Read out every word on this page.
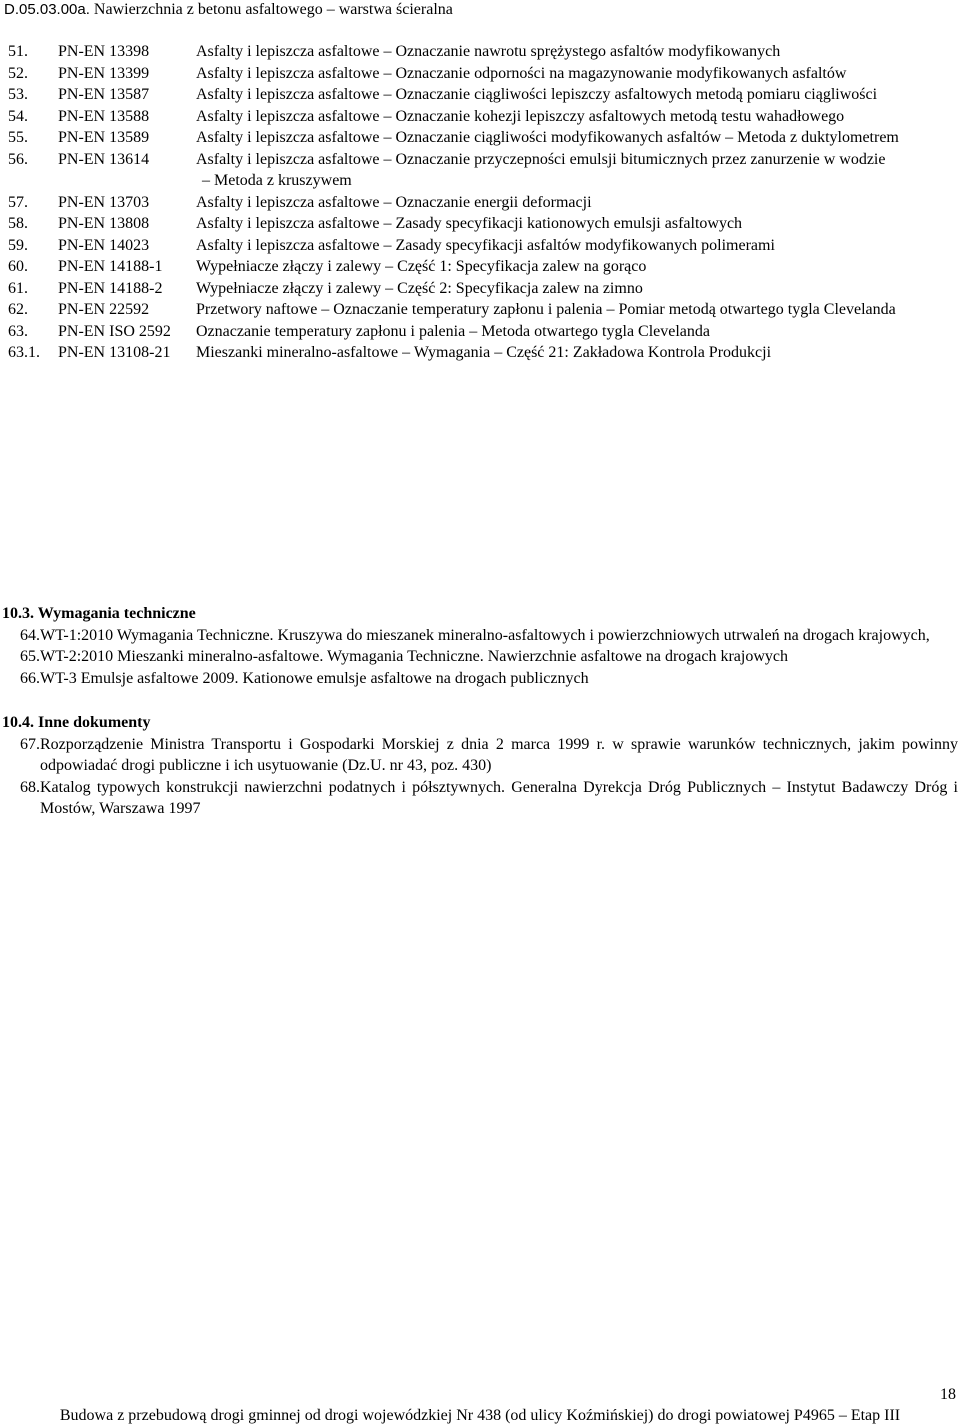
D.05.03.00a. Nawierzchnia z betonu asfaltowego – warstwa ścieralna
51.	PN-EN 13398	Asfalty i lepiszcza asfaltowe – Oznaczanie nawrotu sprężystego asfaltów modyfikowanych
52.	PN-EN 13399	Asfalty i lepiszcza asfaltowe – Oznaczanie odporności na magazynowanie modyfikowanych asfaltów
53.	PN-EN 13587	Asfalty i lepiszcza asfaltowe – Oznaczanie ciągliwości lepiszczy asfaltowych metodą pomiaru ciągliwości
54.	PN-EN 13588	Asfalty i lepiszcza asfaltowe – Oznaczanie kohezji lepiszczy asfaltowych metodą testu wahadłowego
55.	PN-EN 13589	Asfalty i lepiszcza asfaltowe – Oznaczanie ciągliwości modyfikowanych asfaltów – Metoda z duktylometrem
56.	PN-EN 13614	Asfalty i lepiszcza asfaltowe – Oznaczanie przyczepności emulsji bitumicznych przez zanurzenie w wodzie
– Metoda z kruszywem
57.	PN-EN 13703	Asfalty i lepiszcza asfaltowe – Oznaczanie energii deformacji
58.	PN-EN 13808	Asfalty i lepiszcza asfaltowe – Zasady specyfikacji kationowych emulsji asfaltowych
59.	PN-EN 14023	Asfalty i lepiszcza asfaltowe – Zasady specyfikacji asfaltów modyfikowanych polimerami
60.	PN-EN 14188-1	Wypełniacze złączy i zalewy – Część 1: Specyfikacja zalew na gorąco
61.	PN-EN 14188-2	Wypełniacze złączy i zalewy – Część 2: Specyfikacja zalew na zimno
62.	PN-EN 22592	Przetwory naftowe – Oznaczanie temperatury zapłonu i palenia – Pomiar metodą otwartego tygla Clevelanda
63.	PN-EN ISO 2592	Oznaczanie temperatury zapłonu i palenia – Metoda otwartego tygla Clevelanda
63.1.	PN-EN 13108-21	Mieszanki mineralno-asfaltowe – Wymagania – Część 21: Zakładowa Kontrola Produkcji
10.3. Wymagania techniczne
64. WT-1:2010 Wymagania Techniczne. Kruszywa do mieszanek mineralno-asfaltowych i powierzchniowych utrwaleń na drogach krajowych,
65. WT-2:2010 Mieszanki mineralno-asfaltowe. Wymagania Techniczne. Nawierzchnie asfaltowe na drogach krajowych
66. WT-3 Emulsje asfaltowe 2009. Kationowe emulsje asfaltowe na drogach publicznych
10.4. Inne dokumenty
67. Rozporządzenie Ministra Transportu i Gospodarki Morskiej z dnia 2 marca 1999 r. w sprawie warunków technicznych, jakim powinny odpowiadać drogi publiczne i ich usytuowanie (Dz.U. nr 43, poz. 430)
68. Katalog typowych konstrukcji nawierzchni podatnych i półsztywnych. Generalna Dyrekcja Dróg Publicznych – Instytut Badawczy Dróg i Mostów, Warszawa 1997
18
Budowa z przebudową drogi gminnej od drogi wojewódzkiej Nr 438 (od ulicy Koźmińskiej) do drogi powiatowej P4965 – Etap III
